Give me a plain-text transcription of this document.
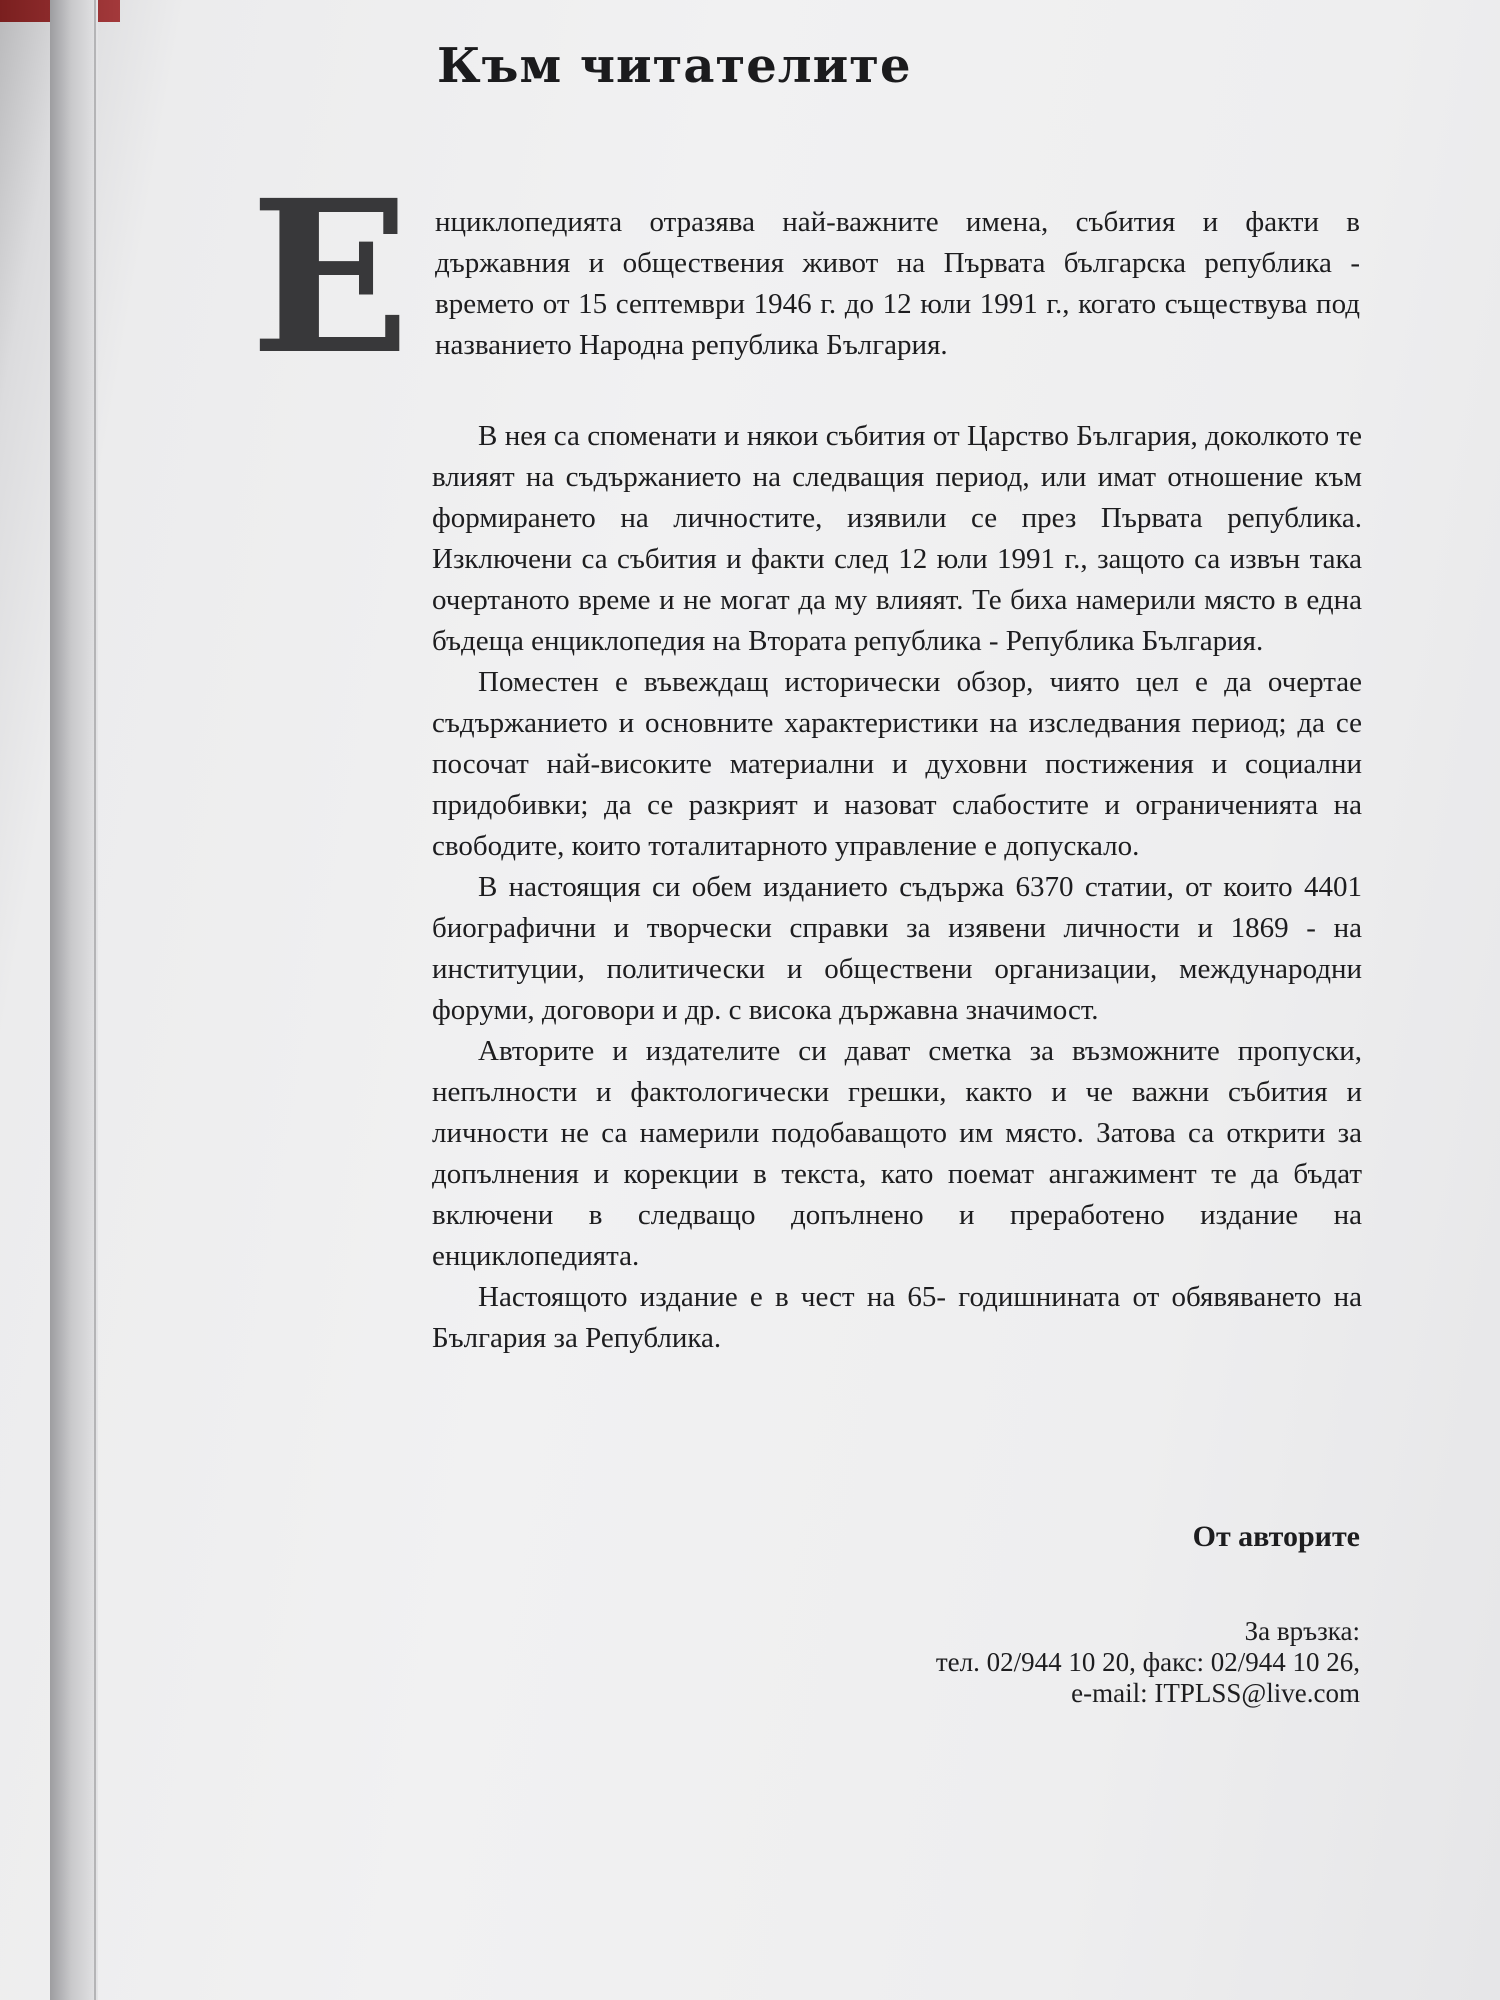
Към читателите
Е нциклопедията отразява най-важните имена, събития и факти в държавния и обществения живот на Първата българска република - времето от 15 септември 1946 г. до 12 юли 1991 г., когато съществува под названието Народна република България.

В нея са споменати и някои събития от Царство България, доколкото те влияят на съдържанието на следващия период, или имат отношение към формирането на личностите, изявили се през Първата република. Изключени са събития и факти след 12 юли 1991 г., защото са извън така очертаното време и не могат да му влияят. Те биха намерили място в една бъдеща енциклопедия на Втората република - Република България.

Поместен е въвеждащ исторически обзор, чиято цел е да очертае съдържанието и основните характеристики на изследвания период; да се посочат най-високите материални и духовни постижения и социални придобивки; да се разкрият и назоват слабостите и ограниченията на свободите, които тоталитарното управление е допускало.

В настоящия си обем изданието съдържа 6370 статии, от които 4401 биографични и творчески справки за изявени личности и 1869 - на институции, политически и обществени организации, международни форуми, договори и др. с висока държавна значимост.

Авторите и издателите си дават сметка за възможните пропуски, непълности и фактологически грешки, както и че важни събития и личности не са намерили подобаващото им място. Затова са открити за допълнения и корекции в текста, като поемат ангажимент те да бъдат включени в следващо допълнено и преработено издание на енциклопедията.

Настоящото издание е в чест на 65- годишнината от обявяването на България за Република.

От авторите
За връзка:
тел. 02/944 10 20, факс: 02/944 10 26,
e-mail: ITPLSS@live.com
